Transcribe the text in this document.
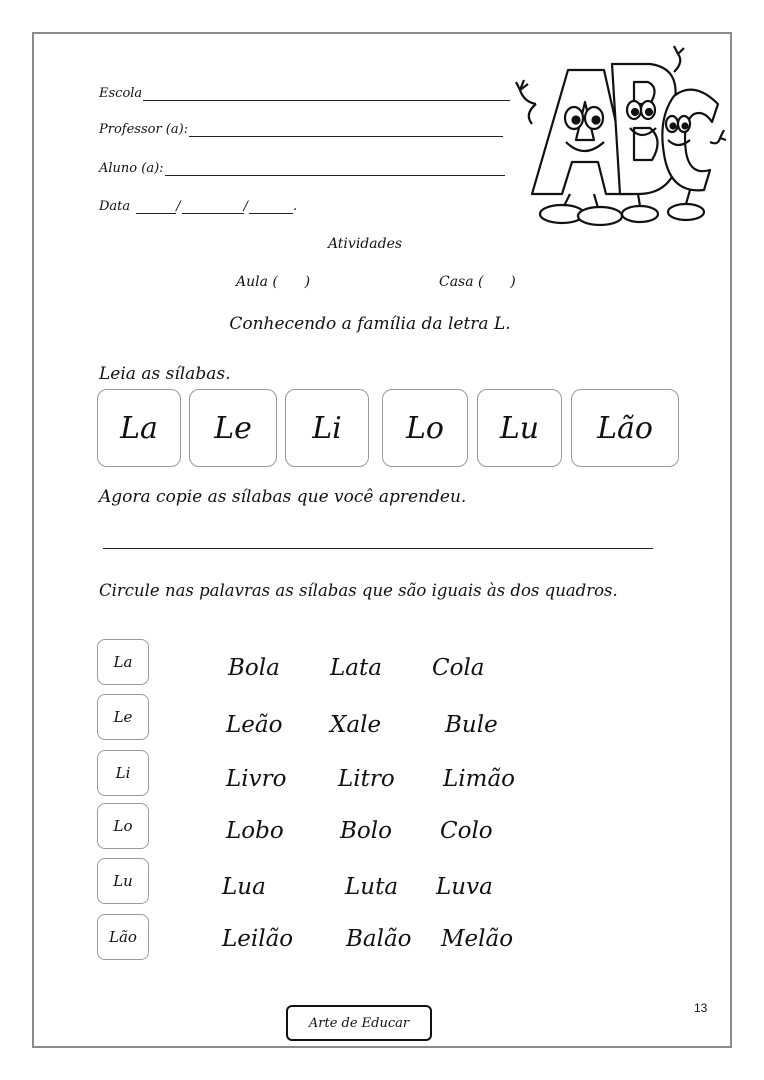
Escola
Professor (a):
Aluno (a):
Data	/	/	.
Atividades
Aula (      )	Casa (      )
Conhecendo a família da letra L.
Leia as sílabas.
La	Le	Li	Lo	Lu	Lão
Agora copie as sílabas que você aprendeu.
Circule nas palavras as sílabas que são iguais às dos quadros.
La
Le
Li
Lo
Lu
Lão
Bola Lata Cola
Leão Xale	Bule
Livro Litro Limão
Lobo Bolo Colo
Lua	Luta Luva
Leilão Balão Melão
13
Arte de Educar
